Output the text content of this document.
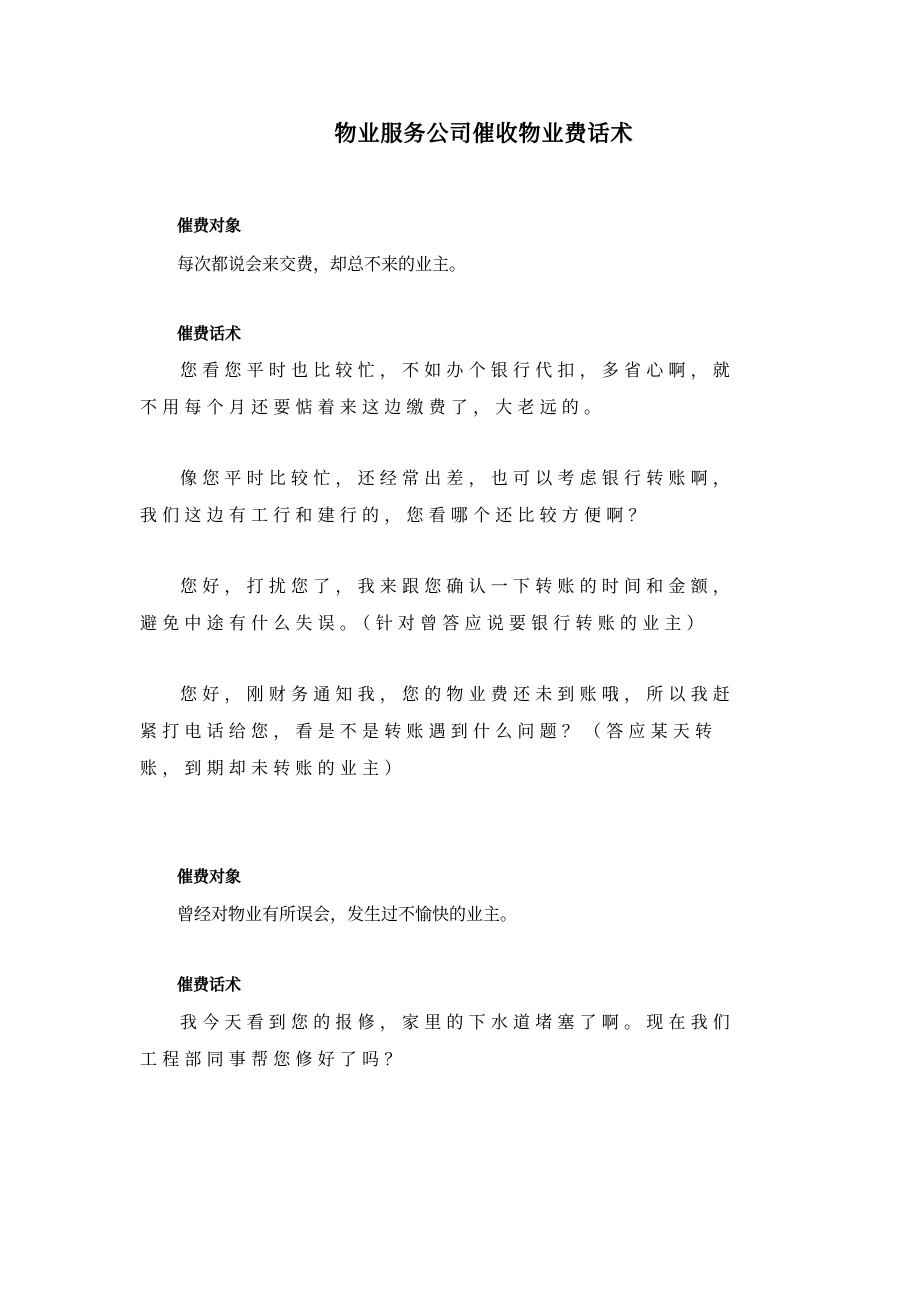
物业服务公司催收物业费话术
催费对象
每次都说会来交费，却总不来的业主。
催费话术
您看您平时也比较忙，不如办个银行代扣，多省心啊，就
不用每个月还要惦着来这边缴费了，大老远的。
像您平时比较忙，还经常出差，也可以考虑银行转账啊，
我们这边有工行和建行的，您看哪个还比较方便啊？
您好，打扰您了，我来跟您确认一下转账的时间和金额，
避免中途有什么失误。（针对曾答应说要银行转账的业主）
您好，刚财务通知我，您的物业费还未到账哦，所以我赶
紧打电话给您，看是不是转账遇到什么问题？（答应某天转
账，到期却未转账的业主）
催费对象
曾经对物业有所误会，发生过不愉快的业主。
催费话术
我今天看到您的报修，家里的下水道堵塞了啊。现在我们
工程部同事帮您修好了吗？
